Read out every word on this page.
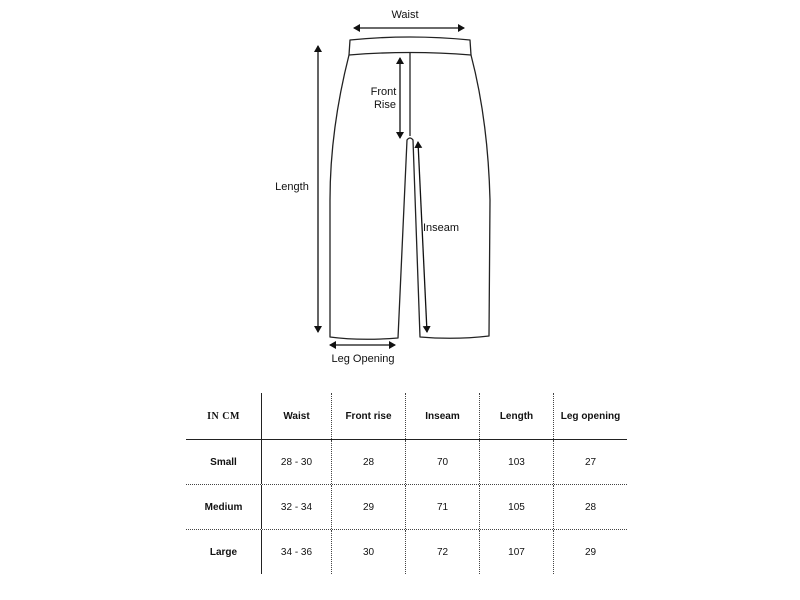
Waist
Front Rise
Length
Inseam
Leg Opening
IN CM	Waist	Front rise	Inseam	Length	Leg opening
Small	28 - 30	28	70	103	27
Medium	32 - 34	29	71	105	28
Large	34 - 36	30	72	107	29
